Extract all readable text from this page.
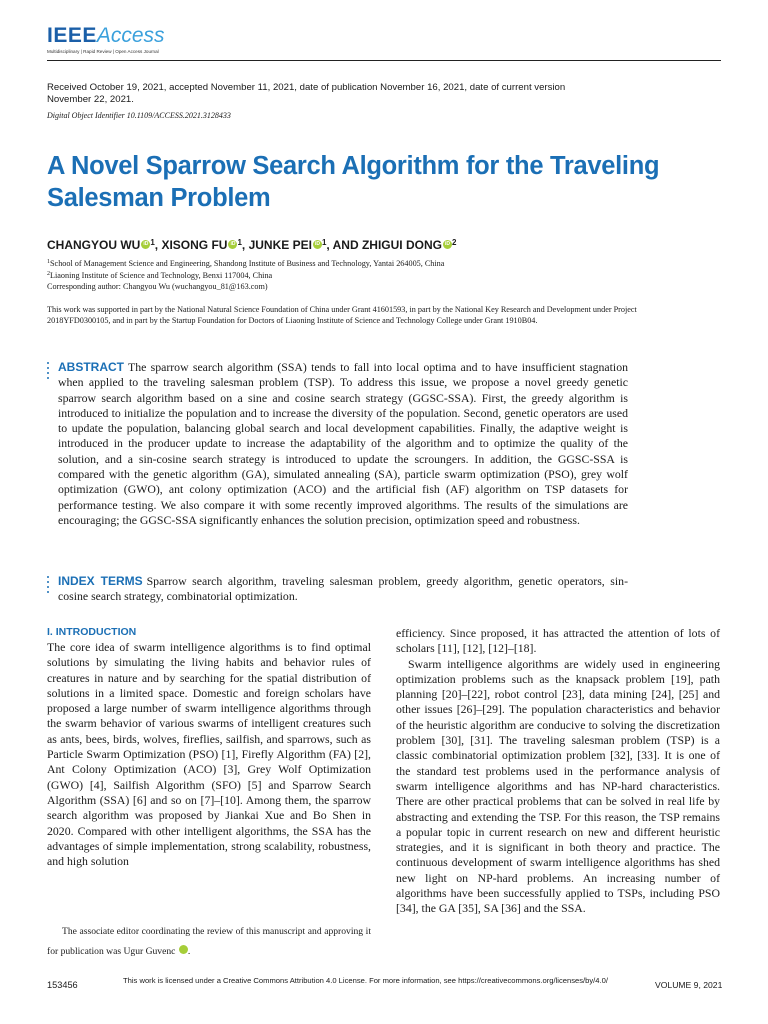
IEEEAccess
Multidisciplinary | Rapid Review | Open Access Journal
Received October 19, 2021, accepted November 11, 2021, date of publication November 16, 2021, date of current version November 22, 2021.
Digital Object Identifier 10.1109/ACCESS.2021.3128433
A Novel Sparrow Search Algorithm for the Traveling Salesman Problem
CHANGYOU WU iD $^1$, XISONG FU iD $^1$, JUNKE PEI iD $^1$, AND ZHIGUI DONG iD $^2$
$^1$School of Management Science and Engineering, Shandong Institute of Business and Technology, Yantai 264005, China
$^2$Liaoning Institute of Science and Technology, Benxi 117004, China
Corresponding author: Changyou Wu (wuchangyou_81@163.com)
This work was supported in part by the National Natural Science Foundation of China under Grant 41601593, in part by the National Key Research and Development under Project 2018YFD0300105, and in part by the Startup Foundation for Doctors of Liaoning Institute of Science and Technology College under Grant 1910B04.
ABSTRACT The sparrow search algorithm (SSA) tends to fall into local optima and to have insufficient stagnation when applied to the traveling salesman problem (TSP). To address this issue, we propose a novel greedy genetic sparrow search algorithm based on a sine and cosine search strategy (GGSC-SSA). First, the greedy algorithm is introduced to initialize the population and to increase the diversity of the population. Second, genetic operators are used to update the population, balancing global search and local development capabilities. Finally, the adaptive weight is introduced in the producer update to increase the adaptability of the algorithm and to optimize the quality of the solution, and a sin-cosine search strategy is introduced to update the scroungers. In addition, the GGSC-SSA is compared with the genetic algorithm (GA), simulated annealing (SA), particle swarm optimization (PSO), grey wolf optimization (GWO), ant colony optimization (ACO) and the artificial fish (AF) algorithm on TSP datasets for performance testing. We also compare it with some recently improved algorithms. The results of the simulations are encouraging; the GGSC-SSA significantly enhances the solution precision, optimization speed and robustness.
INDEX TERMS Sparrow search algorithm, traveling salesman problem, greedy algorithm, genetic operators, sin-cosine search strategy, combinatorial optimization.
I. INTRODUCTION
The core idea of swarm intelligence algorithms is to find optimal solutions by simulating the living habits and behavior rules of creatures in nature and by searching for the spatial distribution of solutions in a limited space. Domestic and foreign scholars have proposed a large number of swarm intelligence algorithms through the swarm behavior of various swarms of intelligent creatures such as ants, bees, birds, wolves, fireflies, sailfish, and sparrows, such as Particle Swarm Optimization (PSO) [1], Firefly Algorithm (FA) [2], Ant Colony Optimization (ACO) [3], Grey Wolf Optimization (GWO) [4], Sailfish Algorithm (SFO) [5] and Sparrow Search Algorithm (SSA) [6] and so on [7]–[10]. Among them, the sparrow search algorithm was proposed by Jiankai Xue and Bo Shen in 2020. Compared with other intelligent algorithms, the SSA has the advantages of simple implementation, strong scalability, robustness, and high solution
efficiency. Since proposed, it has attracted the attention of lots of scholars [11], [12], [12]–[18].
Swarm intelligence algorithms are widely used in engineering optimization problems such as the knapsack problem [19], path planning [20]–[22], robot control [23], data mining [24], [25] and other issues [26]–[29]. The population characteristics and behavior of the heuristic algorithm are conducive to solving the discretization problem [30], [31]. The traveling salesman problem (TSP) is a classic combinatorial optimization problem [32], [33]. It is one of the standard test problems used in the performance analysis of swarm intelligence algorithms and has NP-hard characteristics. There are other practical problems that can be solved in real life by abstracting and extending the TSP. For this reason, the TSP remains a popular topic in current research on new and different heuristic strategies, and it is significant in both theory and practice. The continuous development of swarm intelligence algorithms has shed new light on NP-hard problems. An increasing number of algorithms have been successfully applied to TSPs, including PSO [34], the GA [35], SA [36] and the SSA.
The associate editor coordinating the review of this manuscript and approving it for publication was Ugur Guvenc	iD.
153456	This work is licensed under a Creative Commons Attribution 4.0 License. For more information, see https://creativecommons.org/licenses/by/4.0/	VOLUME 9, 2021
